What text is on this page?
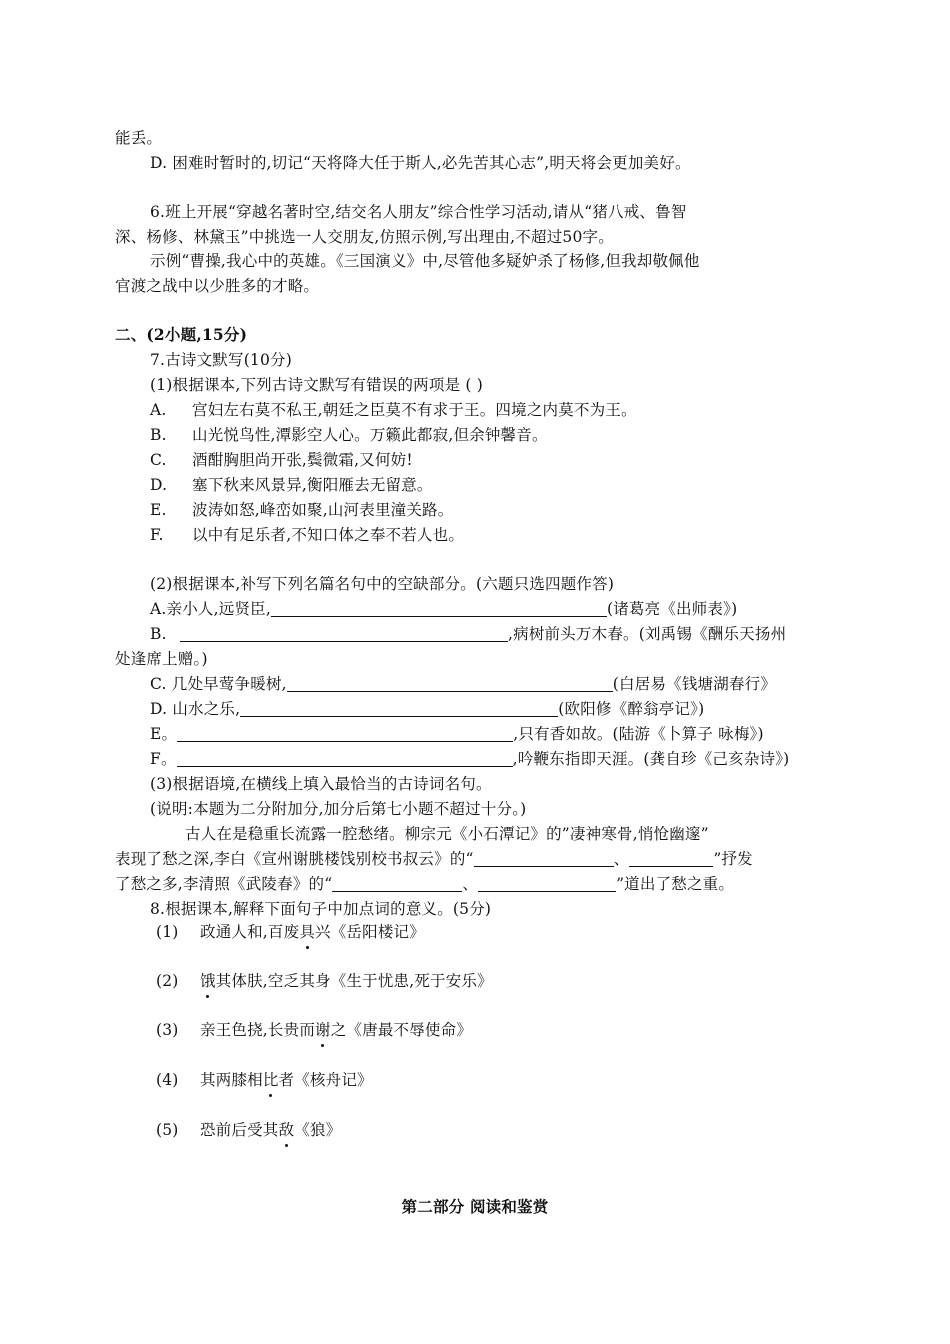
能丢。
D. 困难时暂时的,切记“天将降大任于斯人,必先苦其心志”,明天将会更加美好。
6.班上开展“穿越名著时空,结交名人朋友”综合性学习活动,请从“猪八戒、鲁智
深、杨修、林黛玉”中挑选一人交朋友,仿照示例,写出理由,不超过50字。
示例“曹操,我心中的英雄。《三国演义》中,尽管他多疑妒杀了杨修,但我却敬佩他
官渡之战中以少胜多的才略。
二、(2小题,15分)
7.古诗文默写(10分)
(1)根据课本,下列古诗文默写有错误的两项是 ( )
A. 宫妇左右莫不私王,朝廷之臣莫不有求于王。四境之内莫不为王。
B. 山光悦鸟性,潭影空人心。万籁此都寂,但余钟馨音。
C. 酒酣胸胆尚开张,鬓微霜,又何妨!
D. 塞下秋来风景异,衡阳雁去无留意。
E. 波涛如怒,峰峦如聚,山河表里潼关路。
F. 以中有足乐者,不知口体之奉不若人也。
(2)根据课本,补写下列名篇名句中的空缺部分。(六题只选四题作答)
A.亲小人,远贤臣,	(诸葛亮《出师表》)
B.	,病树前头万木春。(刘禹锡《酬乐天扬州
处逢席上赠。)
C. 几处早莺争暖树,	(白居易《钱塘湖春行》
D. 山水之乐,	(欧阳修《醉翁亭记》)
E。	,只有香如故。(陆游《卜算子 咏梅》)
F。	,吟鞭东指即天涯。(龚自珍《己亥杂诗》)
(3)根据语境,在横线上填入最恰当的古诗词名句。
(说明:本题为二分附加分,加分后第七小题不超过十分。)
古人在是稳重长流露一腔愁绪。柳宗元《小石潭记》的”凄神寒骨,悄怆幽邃”
表现了愁之深,李白《宣州谢朓楼饯别校书叔云》的“	、	”抒发
了愁之多,李清照《武陵春》的“	、	”道出了愁之重。
8.根据课本,解释下面句子中加点词的意义。(5分)
(1) 政通人和,百废具兴《岳阳楼记》
(2) 饿其体肤,空乏其身《生于忧患,死于安乐》
(3) 亲王色挠,长贵而谢之《唐最不辱使命》
(4) 其两膝相比者《核舟记》
(5) 恐前后受其敌《狼》
第二部分 阅读和鉴赏
